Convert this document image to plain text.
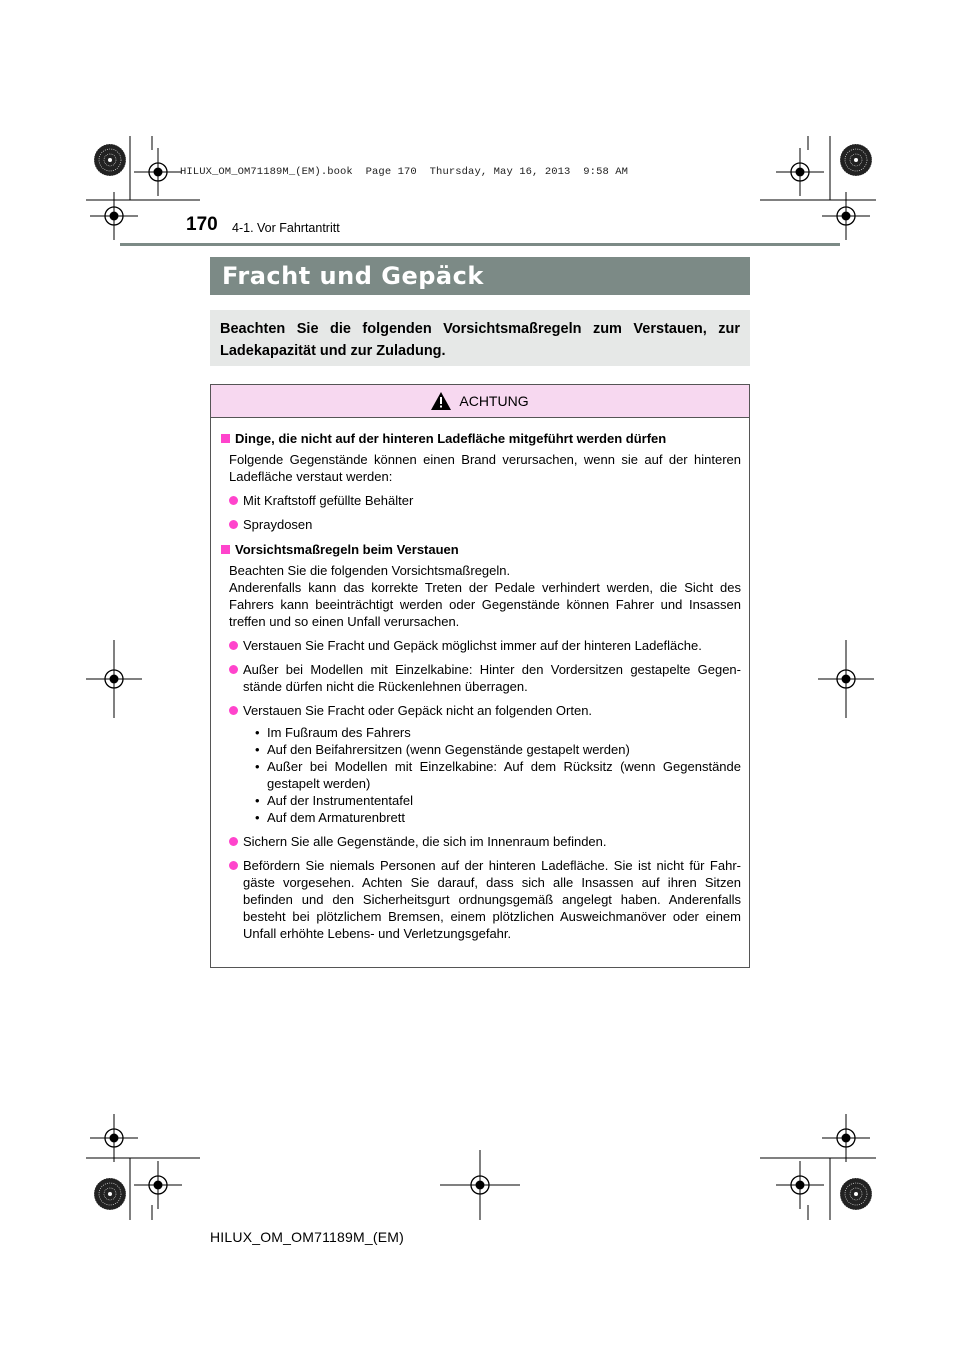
HILUX_OM_OM71189M_(EM).book  Page 170  Thursday, May 16, 2013  9:58 AM
170 4-1. Vor Fahrtantritt
Fracht und Gepäck
Beachten Sie die folgenden Vorsichtsmaßregeln zum Verstauen, zur Ladekapazität und zur Zuladung.
ACHTUNG
Dinge, die nicht auf der hinteren Ladefläche mitgeführt werden dürfen
Folgende Gegenstände können einen Brand verursachen, wenn sie auf der hinteren Ladefläche verstaut werden:
Mit Kraftstoff gefüllte Behälter
Spraydosen
Vorsichtsmaßregeln beim Verstauen
Beachten Sie die folgenden Vorsichtsmaßregeln.
Anderenfalls kann das korrekte Treten der Pedale verhindert werden, die Sicht des Fahrers kann beeinträchtigt werden oder Gegenstände können Fahrer und Insassen treffen und so einen Unfall verursachen.
Verstauen Sie Fracht und Gepäck möglichst immer auf der hinteren Ladefläche.
Außer bei Modellen mit Einzelkabine: Hinter den Vordersitzen gestapelte Gegen-stände dürfen nicht die Rückenlehnen überragen.
Verstauen Sie Fracht oder Gepäck nicht an folgenden Orten.
• Im Fußraum des Fahrers
• Auf den Beifahrersitzen (wenn Gegenstände gestapelt werden)
• Außer bei Modellen mit Einzelkabine: Auf dem Rücksitz (wenn Gegenstände gestapelt werden)
• Auf der Instrumententafel
• Auf dem Armaturenbrett
Sichern Sie alle Gegenstände, die sich im Innenraum befinden.
Befördern Sie niemals Personen auf der hinteren Ladefläche. Sie ist nicht für Fahr-gäste vorgesehen. Achten Sie darauf, dass sich alle Insassen auf ihren Sitzen befinden und den Sicherheitsgurt ordnungsgemäß angelegt haben. Anderenfalls besteht bei plötzlichem Bremsen, einem plötzlichen Ausweichmanöver oder einem Unfall erhöhte Lebens- und Verletzungsgefahr.
HILUX_OM_OM71189M_(EM)
